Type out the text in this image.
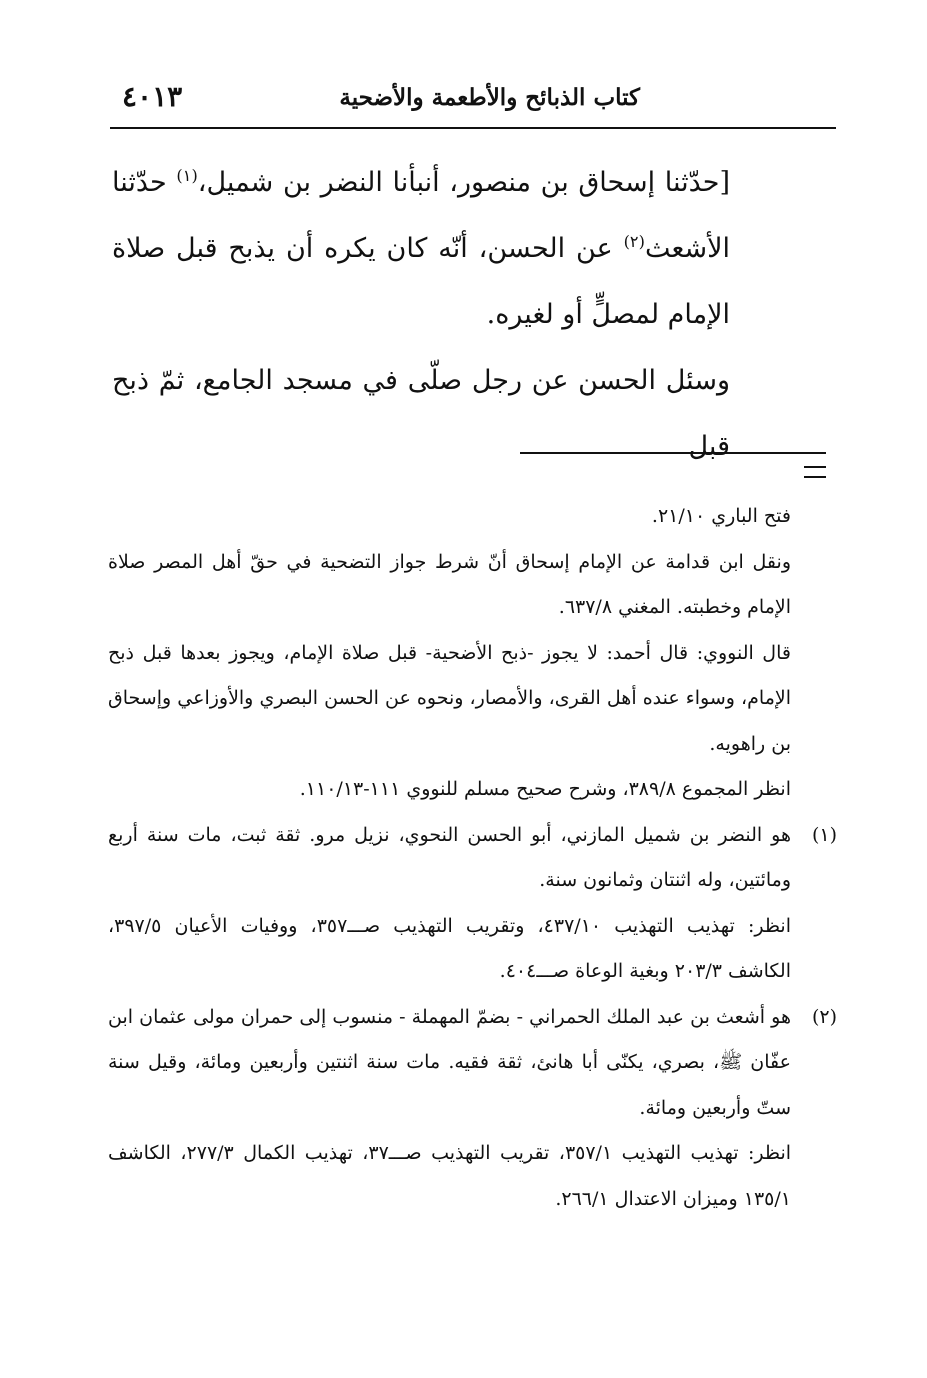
كتاب الذبائح والأطعمة والأضحية
٤٠١٣

[حدّثنا إسحاق بن منصور، أنبأنا النضر بن شميل،$^{(١)}$ حدّثنا الأشعث$^{(٢)}$ عن الحسن، أنّه كان يكره أن يذبح قبل صلاة الإمام لمصلٍّ أو لغيره.

وسئل الحسن عن رجل صلّى في مسجد الجامع، ثمّ ذبح قبل

فتح الباري ٢١/١٠.

ونقل ابن قدامة عن الإمام إسحاق أنّ شرط جواز التضحية في حقّ أهل المصر صلاة الإمام وخطبته. المغني ٦٣٧/٨.

قال النووي: قال أحمد: لا يجوز -ذبح الأضحية- قبل صلاة الإمام، ويجوز بعدها قبل ذبح الإمام، وسواء عنده أهل القرى، والأمصار، ونحوه عن الحسن البصري والأوزاعي وإسحاق بن راهويه.

انظر المجموع ٣٨٩/٨، وشرح صحيح مسلم للنووي ١١١-١١٠/١٣.

(١)

هو النضر بن شميل المازني، أبو الحسن النحوي، نزيل مرو. ثقة ثبت، مات سنة أربع ومائتين، وله اثنتان وثمانون سنة.

انظر: تهذيب التهذيب ٤٣٧/١٠، وتقريب التهذيب صـــ٣٥٧، ووفيات الأعيان ٣٩٧/٥، الكاشف ٢٠٣/٣ وبغية الوعاة صـــ٤٠٤.

(٢)

هو أشعث بن عبد الملك الحمراني - بضمّ المهملة - منسوب إلى حمران مولى عثمان ابن عفّان ﷺ، بصري، يكنّى أبا هانئ، ثقة فقيه. مات سنة اثنتين وأربعين ومائة، وقيل سنة ستّ وأربعين ومائة.

انظر: تهذيب التهذيب ٣٥٧/١، تقريب التهذيب صـــ٣٧، تهذيب الكمال ٢٧٧/٣، الكاشف ١٣٥/١ وميزان الاعتدال ٢٦٦/١.
